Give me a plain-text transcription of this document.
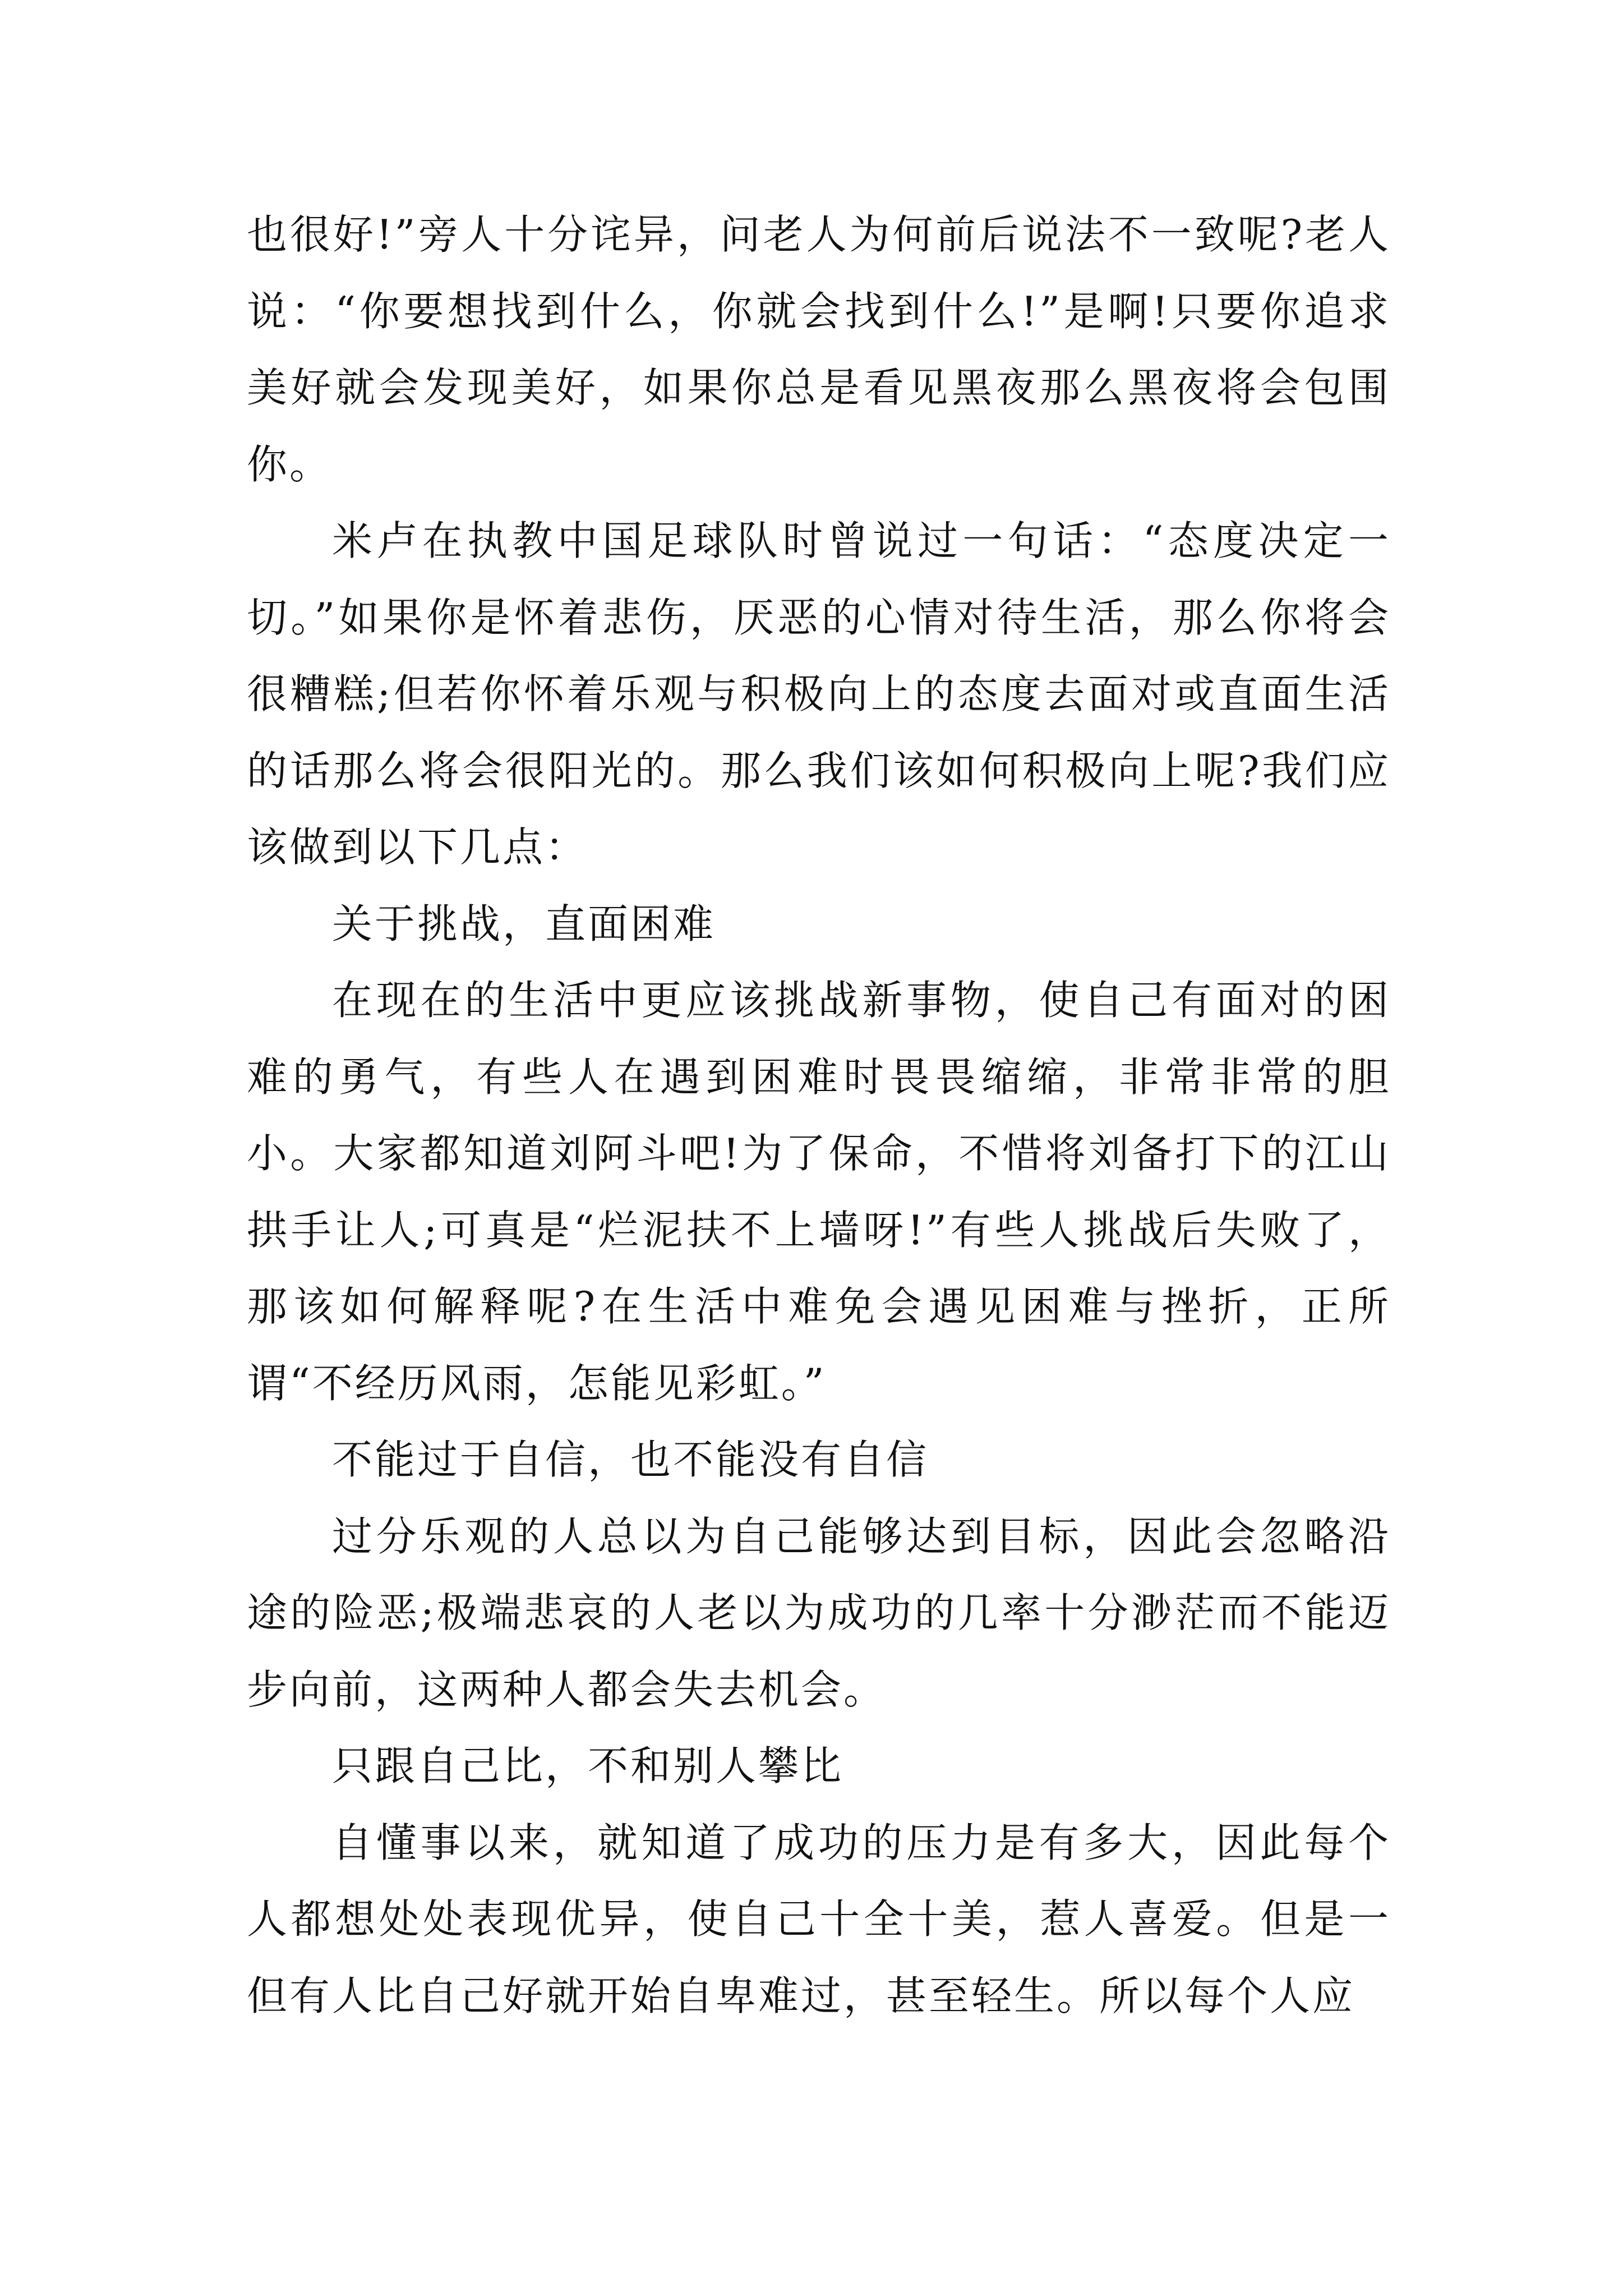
也很好!”旁人十分诧异，问老人为何前后说法不一致呢?老人说：“你要想找到什么，你就会找到什么!”是啊!只要你追求美好就会发现美好，如果你总是看见黑夜那么黑夜将会包围你。

米卢在执教中国足球队时曾说过一句话：“态度决定一切。”如果你是怀着悲伤，厌恶的心情对待生活，那么你将会很糟糕;但若你怀着乐观与积极向上的态度去面对或直面生活的话那么将会很阳光的。那么我们该如何积极向上呢?我们应该做到以下几点：

关于挑战，直面困难

在现在的生活中更应该挑战新事物，使自己有面对的困难的勇气，有些人在遇到困难时畏畏缩缩，非常非常的胆小。大家都知道刘阿斗吧!为了保命，不惜将刘备打下的江山拱手让人;可真是“烂泥扶不上墙呀!”有些人挑战后失败了，那该如何解释呢?在生活中难免会遇见困难与挫折，正所谓“不经历风雨，怎能见彩虹。”

不能过于自信，也不能没有自信

过分乐观的人总以为自己能够达到目标，因此会忽略沿途的险恶;极端悲哀的人老以为成功的几率十分渺茫而不能迈步向前，这两种人都会失去机会。

只跟自己比，不和别人攀比

自懂事以来，就知道了成功的压力是有多大，因此每个人都想处处表现优异，使自己十全十美，惹人喜爱。但是一但有人比自己好就开始自卑难过，甚至轻生。所以每个人应
